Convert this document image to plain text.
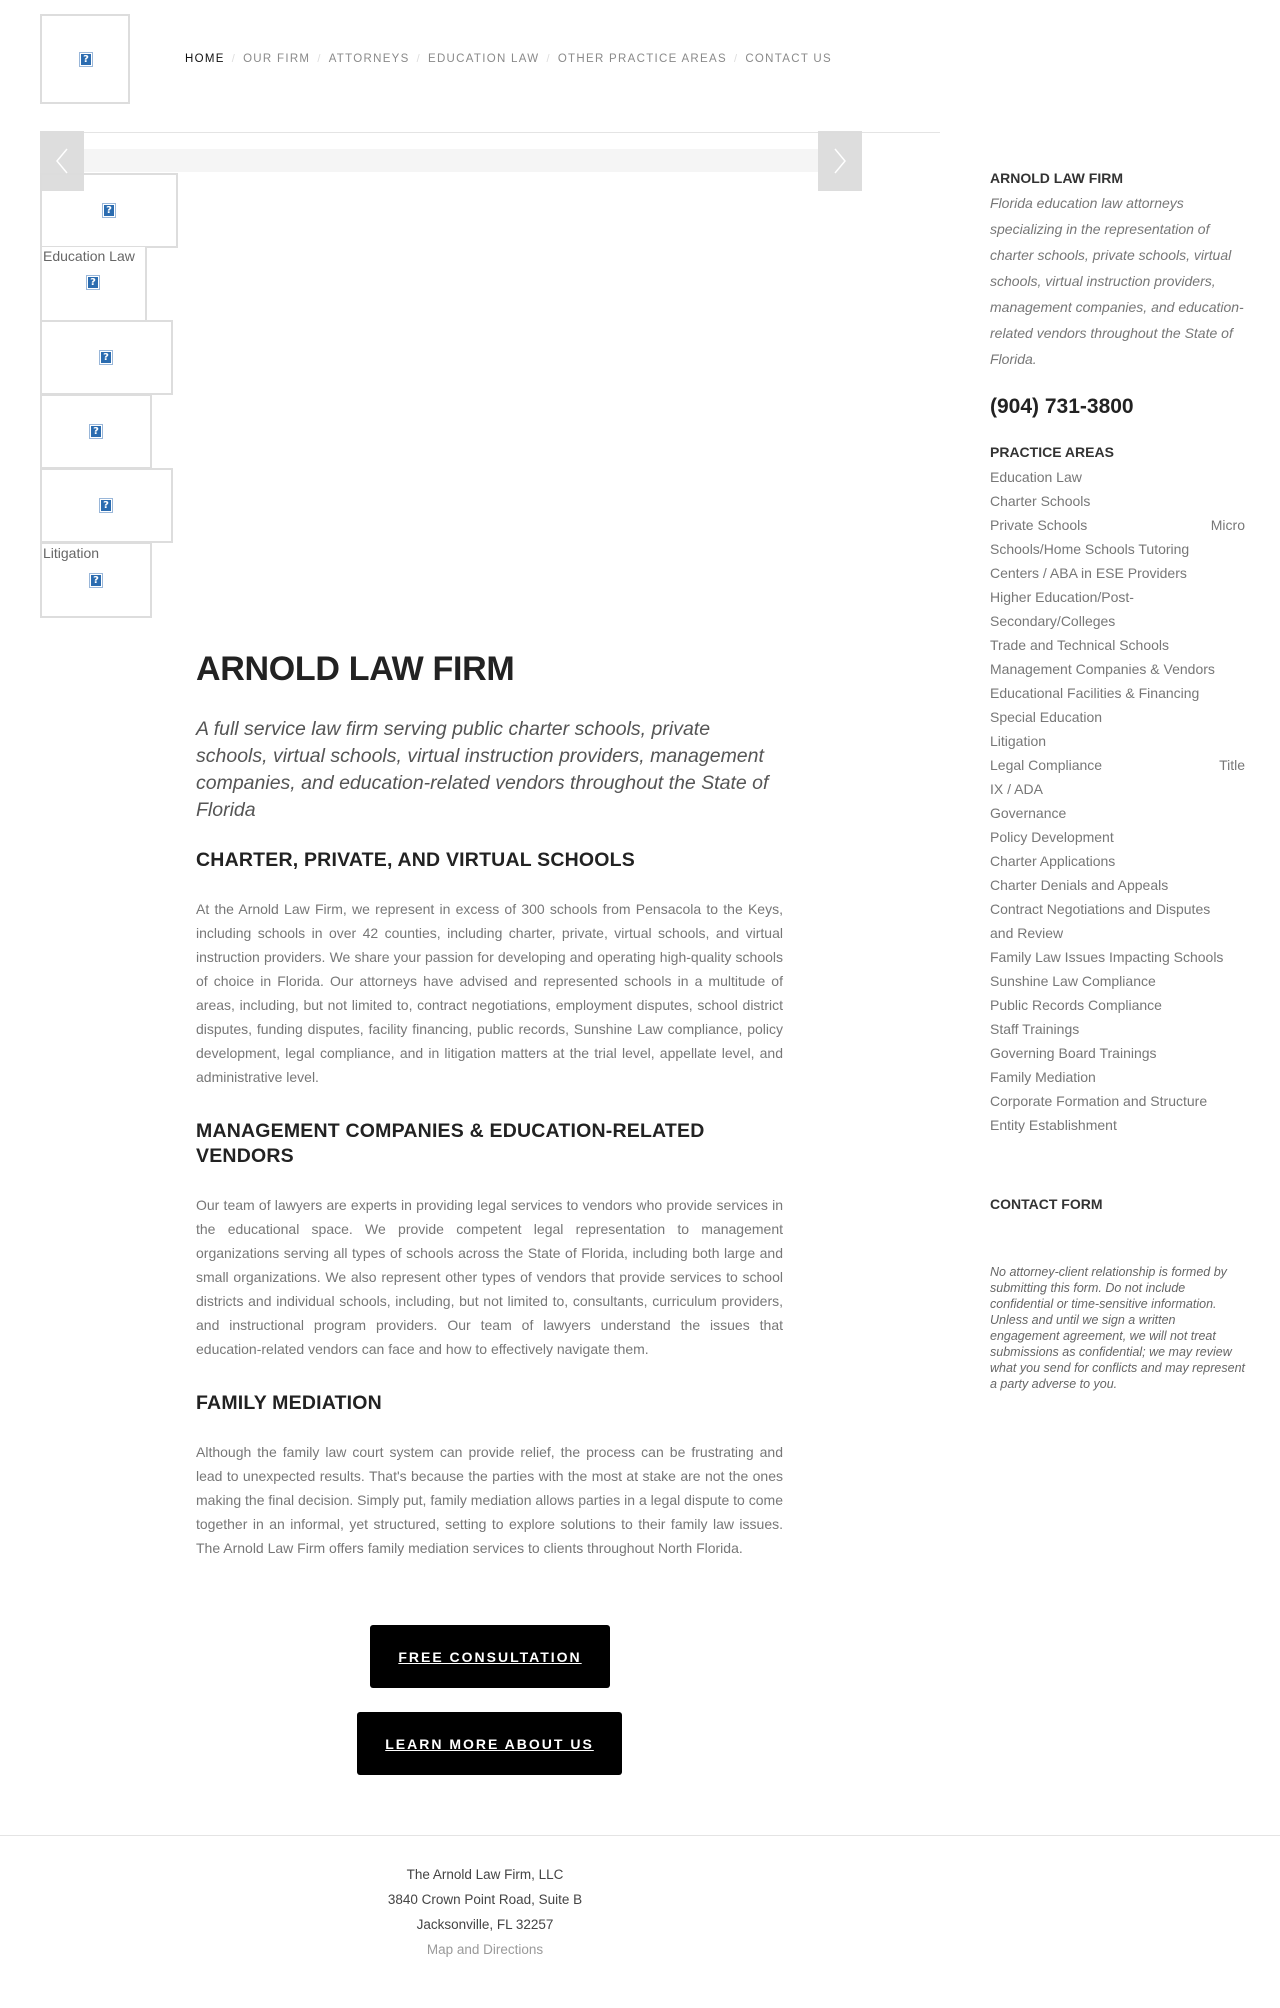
?	HOME / OUR FIRM / ATTORNEYS / EDUCATION LAW / OTHER PRACTICE AREAS / CONTACT US
?
Education Law
?
?
?
?
Litigation
?
ARNOLD LAW FIRM

A full service law firm serving public charter schools, private schools, virtual schools, virtual instruction providers, management companies, and education-related vendors throughout the State of Florida

CHARTER, PRIVATE, AND VIRTUAL SCHOOLS

At the Arnold Law Firm, we represent in excess of 300 schools from Pensacola to the Keys, including schools in over 42 counties, including charter, private, virtual schools, and virtual instruction providers. We share your passion for developing and operating high-quality schools of choice in Florida. Our attorneys have advised and represented schools in a multitude of areas, including, but not limited to, contract negotiations, employment disputes, school district disputes, funding disputes, facility financing, public records, Sunshine Law compliance, policy development, legal compliance, and in litigation matters at the trial level, appellate level, and administrative level.

MANAGEMENT COMPANIES & EDUCATION-RELATED VENDORS

Our team of lawyers are experts in providing legal services to vendors who provide services in the educational space. We provide competent legal representation to management organizations serving all types of schools across the State of Florida, including both large and small organizations. We also represent other types of vendors that provide services to school districts and individual schools, including, but not limited to, consultants, curriculum providers, and instructional program providers. Our team of lawyers understand the issues that education-related vendors can face and how to effectively navigate them.

FAMILY MEDIATION

Although the family law court system can provide relief, the process can be frustrating and lead to unexpected results. That's because the parties with the most at stake are not the ones making the final decision. Simply put, family mediation allows parties in a legal dispute to come together in an informal, yet structured, setting to explore solutions to their family law issues. The Arnold Law Firm offers family mediation services to clients throughout North Florida.

FREE CONSULTATION
LEARN MORE ABOUT US
ARNOLD LAW FIRM

Florida education law attorneys specializing in the representation of charter schools, private schools, virtual schools, virtual instruction providers, management companies, and education-related vendors throughout the State of Florida.

(904) 731-3800
PRACTICE AREAS
Education Law
Charter Schools
Private Schools	Micro
Schools/Home Schools Tutoring
Centers / ABA in ESE Providers
Higher Education/Post-
Secondary/Colleges
Trade and Technical Schools
Management Companies & Vendors
Educational Facilities & Financing
Special Education
Litigation
Legal Compliance	Title
IX / ADA
Governance
Policy Development
Charter Applications
Charter Denials and Appeals
Contract Negotiations and Disputes
and Review
Family Law Issues Impacting Schools
Sunshine Law Compliance
Public Records Compliance
Staff Trainings
Governing Board Trainings
Family Mediation
Corporate Formation and Structure
Entity Establishment
CONTACT FORM

No attorney-client relationship is formed by submitting this form. Do not include confidential or time-sensitive information. Unless and until we sign a written engagement agreement, we will not treat submissions as confidential; we may review what you send for conflicts and may represent a party adverse to you.

The Arnold Law Firm, LLC
3840 Crown Point Road, Suite B
Jacksonville, FL 32257
Map and Directions
